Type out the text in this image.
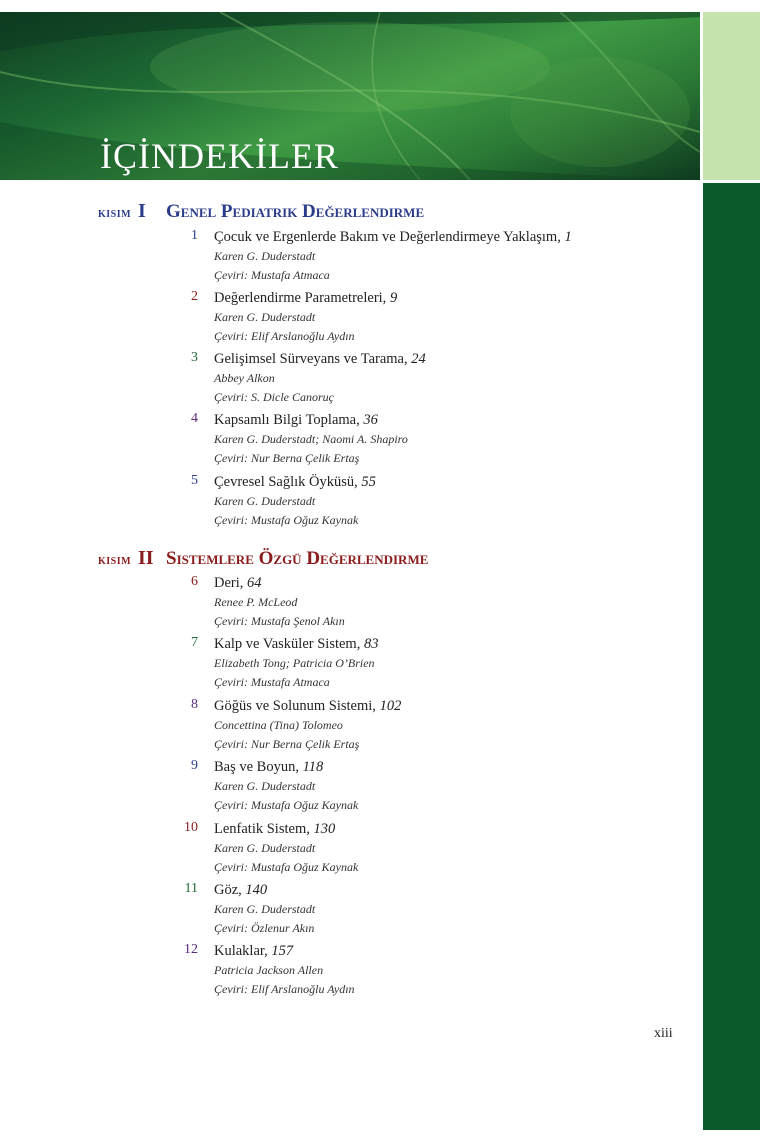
İÇİNDEKİLER
KISIM I	Genel Pediatrik Değerlendirme
1 Çocuk ve Ergenlerde Bakım ve Değerlendirmeye Yaklaşım, 1
Karen G. Duderstadt
Çeviri: Mustafa Atmaca
2 Değerlendirme Parametreleri, 9
Karen G. Duderstadt
Çeviri: Elif Arslanoğlu Aydın
3 Gelişimsel Sürveyans ve Tarama, 24
Abbey Alkon
Çeviri: S. Dicle Canoruç
4 Kapsamlı Bilgi Toplama, 36
Karen G. Duderstadt; Naomi A. Shapiro
Çeviri: Nur Berna Çelik Ertaş
5 Çevresel Sağlık Öyküsü, 55
Karen G. Duderstadt
Çeviri: Mustafa Oğuz Kaynak
KISIM II Sistemlere Özgü Değerlendirme
6 Deri, 64
Renee P. McLeod
Çeviri: Mustafa Şenol Akın
7 Kalp ve Vasküler Sistem, 83
Elizabeth Tong; Patricia O’Brien
Çeviri: Mustafa Atmaca
8 Göğüs ve Solunum Sistemi, 102
Concettina (Tina) Tolomeo
Çeviri: Nur Berna Çelik Ertaş
9 Baş ve Boyun, 118
Karen G. Duderstadt
Çeviri: Mustafa Oğuz Kaynak
10 Lenfatik Sistem, 130
Karen G. Duderstadt
Çeviri: Mustafa Oğuz Kaynak
11 Göz, 140
Karen G. Duderstadt
Çeviri: Özlenur Akın
12 Kulaklar, 157
Patricia Jackson Allen
Çeviri: Elif Arslanoğlu Aydın
xiii
